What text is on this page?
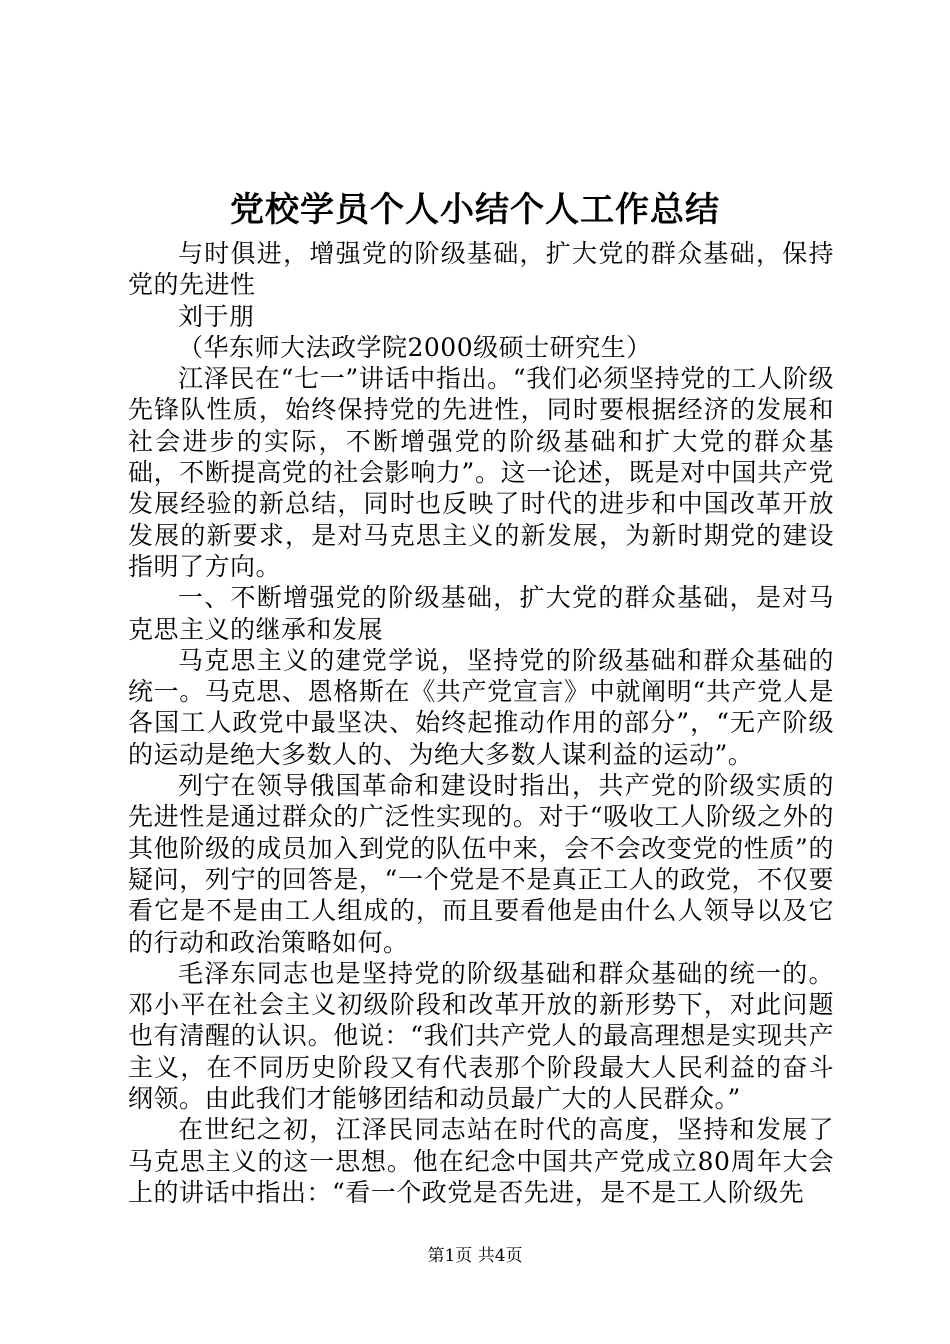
党校学员个人小结个人工作总结

与时俱进，增强党的阶级基础，扩大党的群众基础，保持党的先进性

刘于朋

（华东师大法政学院2000级硕士研究生）

江泽民在“七一”讲话中指出。“我们必须坚持党的工人阶级先锋队性质，始终保持党的先进性，同时要根据经济的发展和社会进步的实际，不断增强党的阶级基础和扩大党的群众基础，不断提高党的社会影响力”。这一论述，既是对中国共产党发展经验的新总结，同时也反映了时代的进步和中国改革开放发展的新要求，是对马克思主义的新发展，为新时期党的建设指明了方向。

一、不断增强党的阶级基础，扩大党的群众基础，是对马克思主义的继承和发展

马克思主义的建党学说，坚持党的阶级基础和群众基础的统一。马克思、恩格斯在《共产党宣言》中就阐明“共产党人是各国工人政党中最坚决、始终起推动作用的部分”，“无产阶级的运动是绝大多数人的、为绝大多数人谋利益的运动”。

列宁在领导俄国革命和建设时指出，共产党的阶级实质的先进性是通过群众的广泛性实现的。对于“吸收工人阶级之外的其他阶级的成员加入到党的队伍中来，会不会改变党的性质”的疑问，列宁的回答是，“一个党是不是真正工人的政党，不仅要看它是不是由工人组成的，而且要看他是由什么人领导以及它的行动和政治策略如何。

毛泽东同志也是坚持党的阶级基础和群众基础的统一的。邓小平在社会主义初级阶段和改革开放的新形势下，对此问题也有清醒的认识。他说：“我们共产党人的最高理想是实现共产主义，在不同历史阶段又有代表那个阶段最大人民利益的奋斗纲领。由此我们才能够团结和动员最广大的人民群众。”

在世纪之初，江泽民同志站在时代的高度，坚持和发展了马克思主义的这一思想。他在纪念中国共产党成立80周年大会上的讲话中指出：“看一个政党是否先进，是不是工人阶级先

第1页 共4页
